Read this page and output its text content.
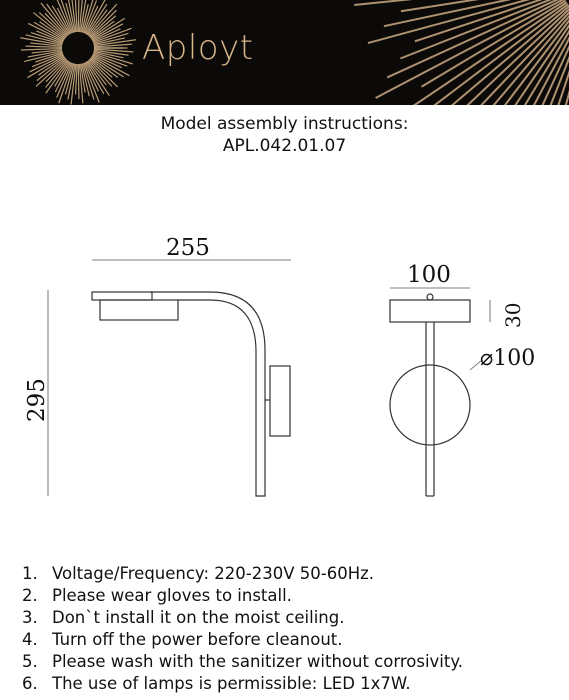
Aployt
Model assembly instructions:
APL.042.01.07
255
295
100
30
⌀100
1. Voltage/Frequency: 220-230V 50-60Hz.
2. Please wear gloves to install.
3. Don`t install it on the moist ceiling.
4. Turn off the power before cleanout.
5. Please wash with the sanitizer without corrosivity.
6. The use of lamps is permissible: LED 1x7W.
